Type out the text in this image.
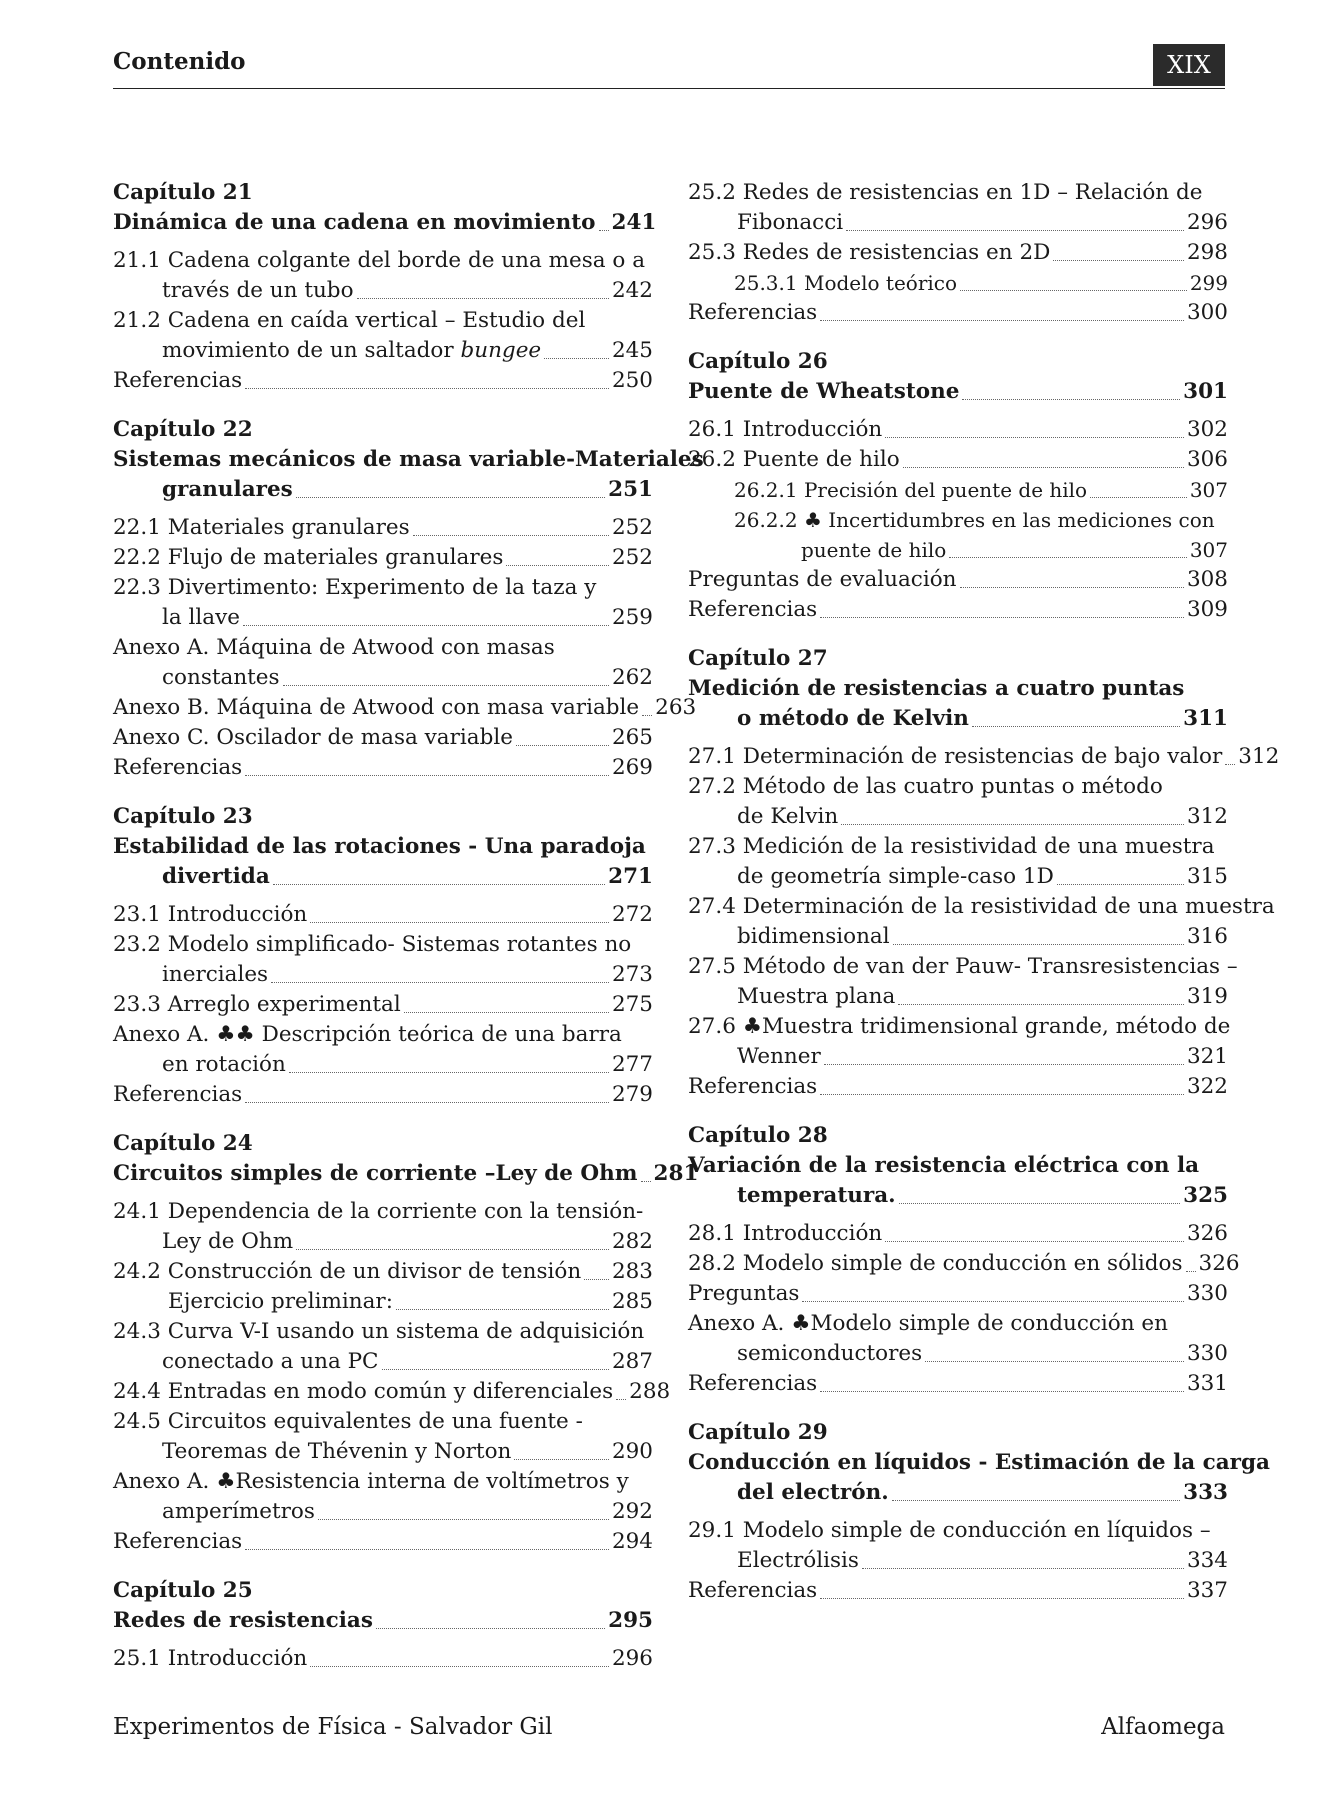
Contenido	XIX
Capítulo 21
Dinámica de una cadena en movimiento 241
21.1 Cadena colgante del borde de una mesa o a
través de un tubo	242
21.2 Cadena en caída vertical – Estudio del
movimiento de un saltador bungee	245
Referencias	250
Capítulo 22
Sistemas mecánicos de masa variable-Materiales
granulares	251
22.1 Materiales granulares	252
22.2 Flujo de materiales granulares	252
22.3 Divertimento: Experimento de la taza y
la llave	259
Anexo A. Máquina de Atwood con masas
constantes	262
Anexo B. Máquina de Atwood con masa variable 263
Anexo C. Oscilador de masa variable	265
Referencias	269
Capítulo 23
Estabilidad de las rotaciones - Una paradoja
divertida	271
23.1 Introducción	272
23.2 Modelo simplificado- Sistemas rotantes no
inerciales	273
23.3 Arreglo experimental	275
Anexo A. ♣♣ Descripción teórica de una barra
en rotación	277
Referencias	279
Capítulo 24
Circuitos simples de corriente –Ley de Ohm 281
24.1 Dependencia de la corriente con la tensión-
Ley de Ohm	282
24.2 Construcción de un divisor de tensión 283
Ejercicio preliminar:	285
24.3 Curva V-I usando un sistema de adquisición
conectado a una PC	287
24.4 Entradas en modo común y diferenciales 288
24.5 Circuitos equivalentes de una fuente -
Teoremas de Thévenin y Norton	290
Anexo A. ♣Resistencia interna de voltímetros y
amperímetros	292
Referencias	294
Capítulo 25
Redes de resistencias	295
25.1 Introducción	296
25.2 Redes de resistencias en 1D – Relación de
Fibonacci	296
25.3 Redes de resistencias en 2D	298
25.3.1 Modelo teórico	299
Referencias	300
Capítulo 26
Puente de Wheatstone	301
26.1 Introducción	302
26.2 Puente de hilo	306
26.2.1 Precisión del puente de hilo	307
26.2.2 ♣ Incertidumbres en las mediciones con
puente de hilo	307
Preguntas de evaluación	308
Referencias	309
Capítulo 27
Medición de resistencias a cuatro puntas
o método de Kelvin	311
27.1 Determinación de resistencias de bajo valor 312
27.2 Método de las cuatro puntas o método
de Kelvin	312
27.3 Medición de la resistividad de una muestra
de geometría simple-caso 1D	315
27.4 Determinación de la resistividad de una muestra
bidimensional	316
27.5 Método de van der Pauw- Transresistencias –
Muestra plana	319
27.6 ♣Muestra tridimensional grande, método de
Wenner	321
Referencias	322
Capítulo 28
Variación de la resistencia eléctrica con la
temperatura.	325
28.1 Introducción	326
28.2 Modelo simple de conducción en sólidos 326
Preguntas	330
Anexo A. ♣Modelo simple de conducción en
semiconductores	330
Referencias	331
Capítulo 29
Conducción en líquidos - Estimación de la carga
del electrón.	333
29.1 Modelo simple de conducción en líquidos –
Electrólisis	334
Referencias	337
Experimentos de Física - Salvador Gil	Alfaomega
